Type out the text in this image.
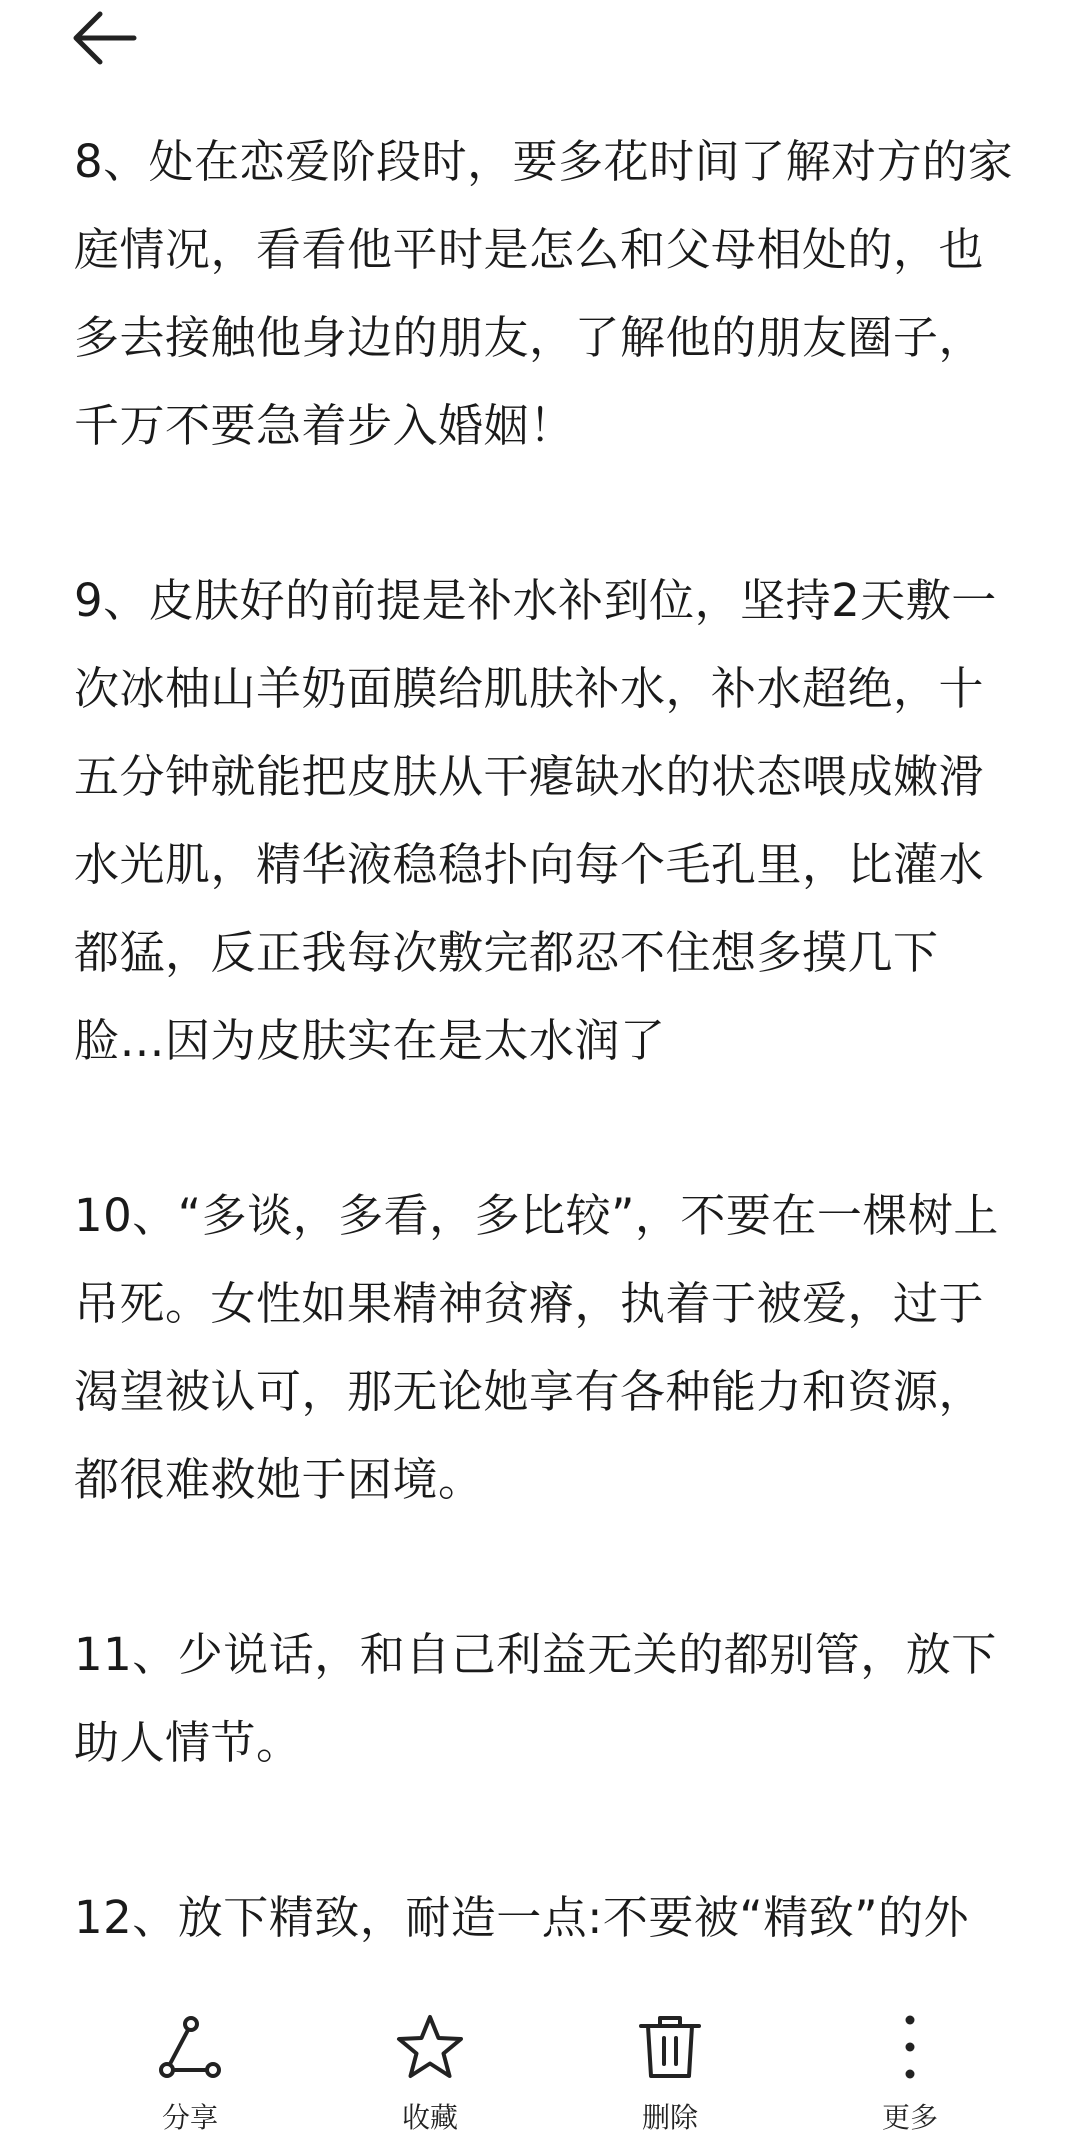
8、处在恋爱阶段时，要多花时间了解对方的家庭情况，看看他平时是怎么和父母相处的，也多去接触他身边的朋友，了解他的朋友圈子，千万不要急着步入婚姻！

9、皮肤好的前提是补水补到位，坚持2天敷一次冰柚山羊奶面膜给肌肤补水，补水超绝，十五分钟就能把皮肤从干瘪缺水的状态喂成嫩滑水光肌，精华液稳稳扑向每个毛孔里，比灌水都猛，反正我每次敷完都忍不住想多摸几下脸…因为皮肤实在是太水润了

10、“多谈，多看，多比较”，不要在一棵树上吊死。女性如果精神贫瘠，执着于被爱，过于渴望被认可，那无论她享有各种能力和资源，都很难救她于困境。

11、少说话，和自己利益无关的都别管，放下助人情节。

12、放下精致，耐造一点:不要被“精致”的外

分享	收藏	删除	更多
